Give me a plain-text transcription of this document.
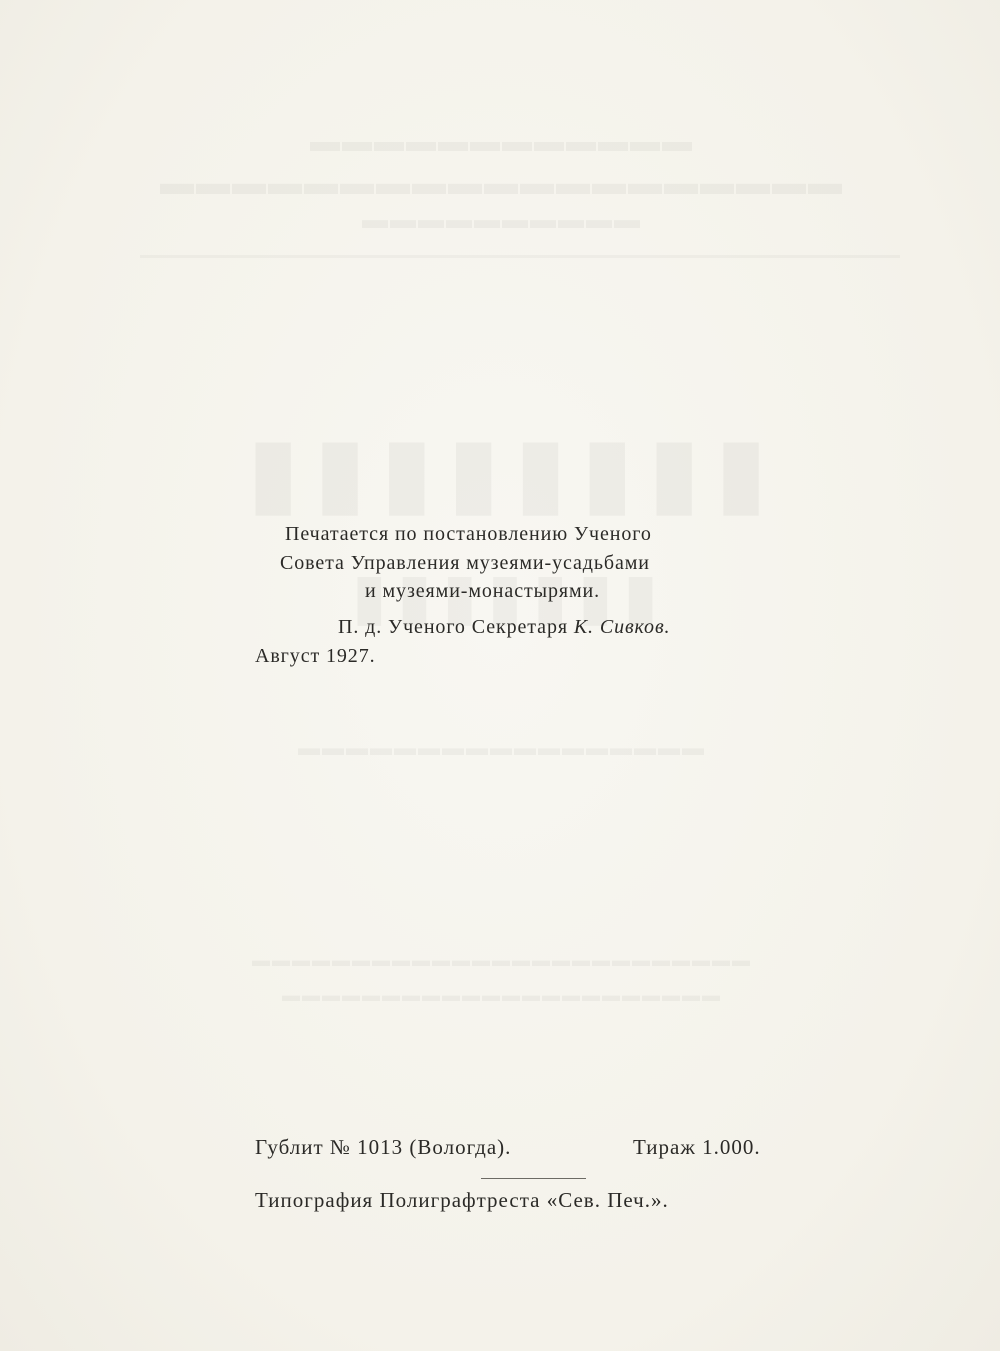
Печатается по постановлению Ученого
Совета Управления музеями-усадьбами
и музеями-монастырями.
П. д. Ученого Секретаря К. Сивков.
Август 1927.
Гублит № 1013 (Вологда).	Тираж 1.000.
Типография Полиграфтреста «Сев. Печ.».
